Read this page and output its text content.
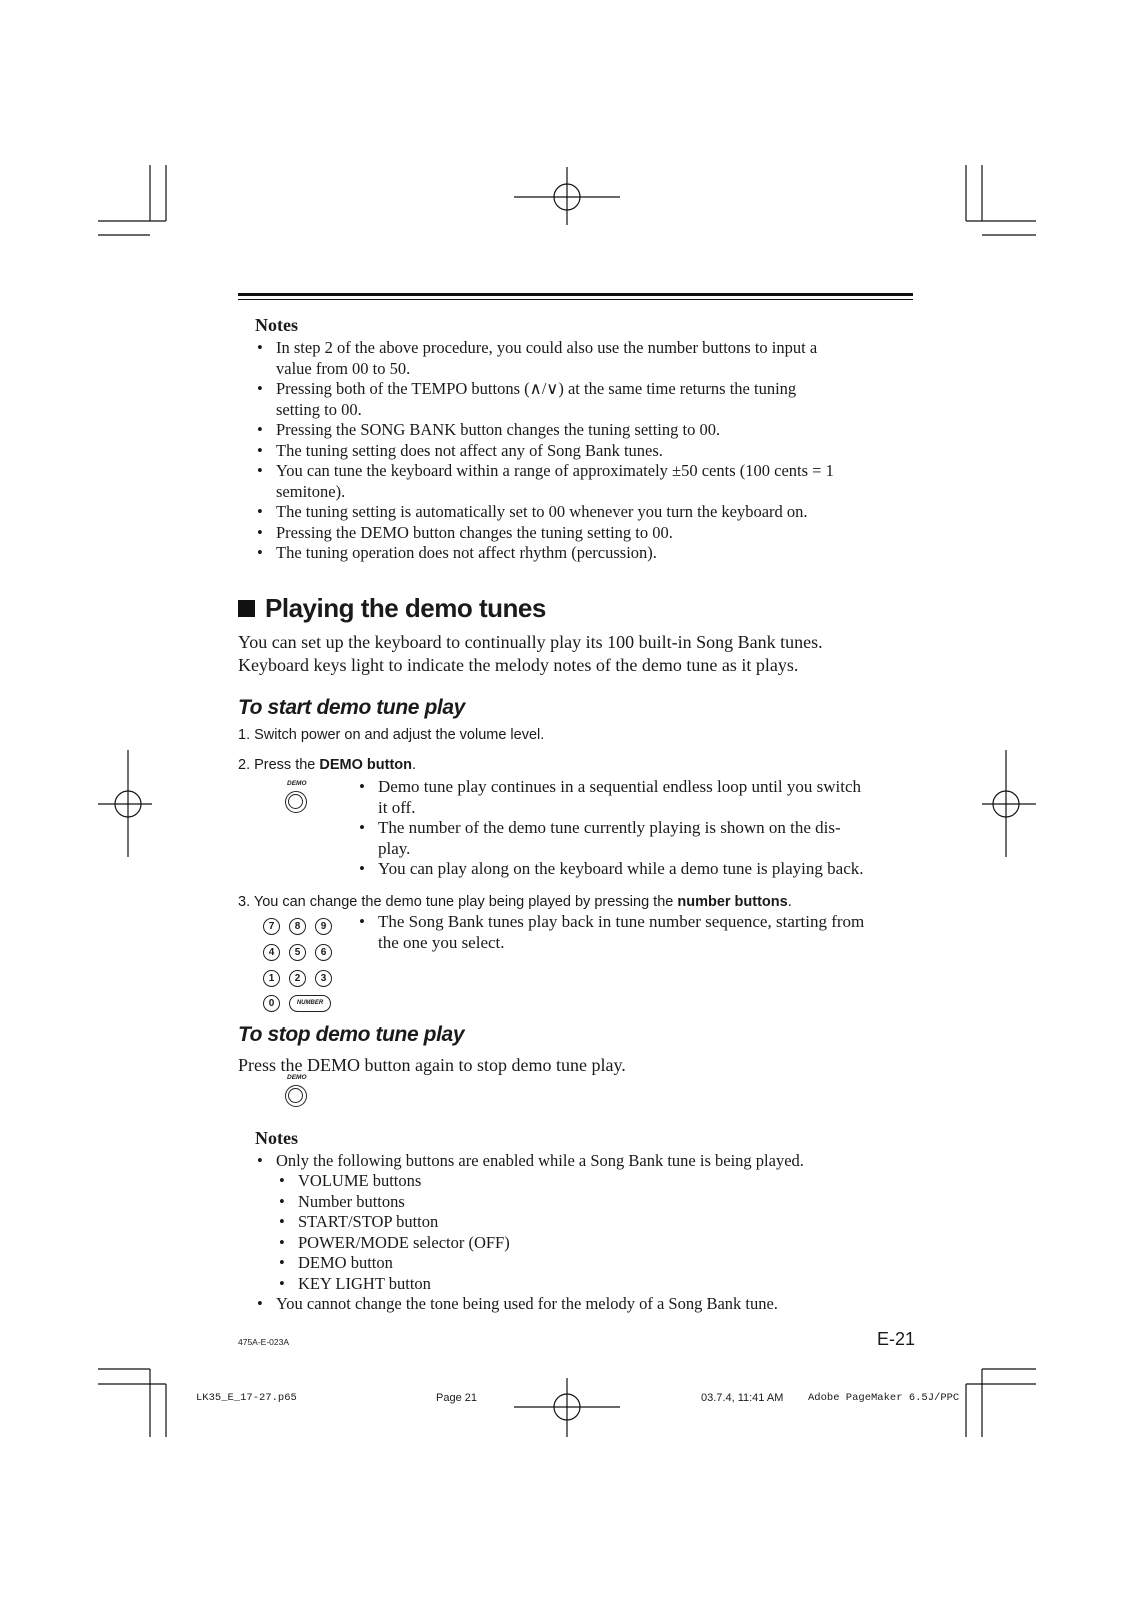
Notes
• In step 2 of the above procedure, you could also use the number buttons to input a
value from 00 to 50.
• Pressing both of the TEMPO buttons (∧/∨) at the same time returns the tuning
setting to 00.
• Pressing the SONG BANK button changes the tuning setting to 00.
• The tuning setting does not affect any of Song Bank tunes.
• You can tune the keyboard within a range of approximately ±50 cents (100 cents = 1
semitone).
• The tuning setting is automatically set to 00 whenever you turn the keyboard on.
• Pressing the DEMO button changes the tuning setting to 00.
• The tuning operation does not affect rhythm (percussion).
Playing the demo tunes
You can set up the keyboard to continually play its 100 built-in Song Bank tunes.
Keyboard keys light to indicate the melody notes of the demo tune as it plays.
To start demo tune play
1. Switch power on and adjust the volume level.
2. Press the DEMO button.
DEMO	• Demo tune play continues in a sequential endless loop until you switch
it off.
• The number of the demo tune currently playing is shown on the dis-
play.
• You can play along on the keyboard while a demo tune is playing back.
3. You can change the demo tune play being played by pressing the number buttons.
7	8	9
4	5	6
1	2	3
0	NUMBER
• The Song Bank tunes play back in tune number sequence, starting from
the one you select.
To stop demo tune play
Press the DEMO button again to stop demo tune play.
DEMO
Notes
• Only the following buttons are enabled while a Song Bank tune is being played.
• VOLUME buttons
• Number buttons
• START/STOP button
• POWER/MODE selector (OFF)
• DEMO button
• KEY LIGHT button
• You cannot change the tone being used for the melody of a Song Bank tune.
475A-E-023A	E-21
LK35_E_17-27.p65	Page 21	03.7.4, 11:41 AM Adobe PageMaker 6.5J/PPC
